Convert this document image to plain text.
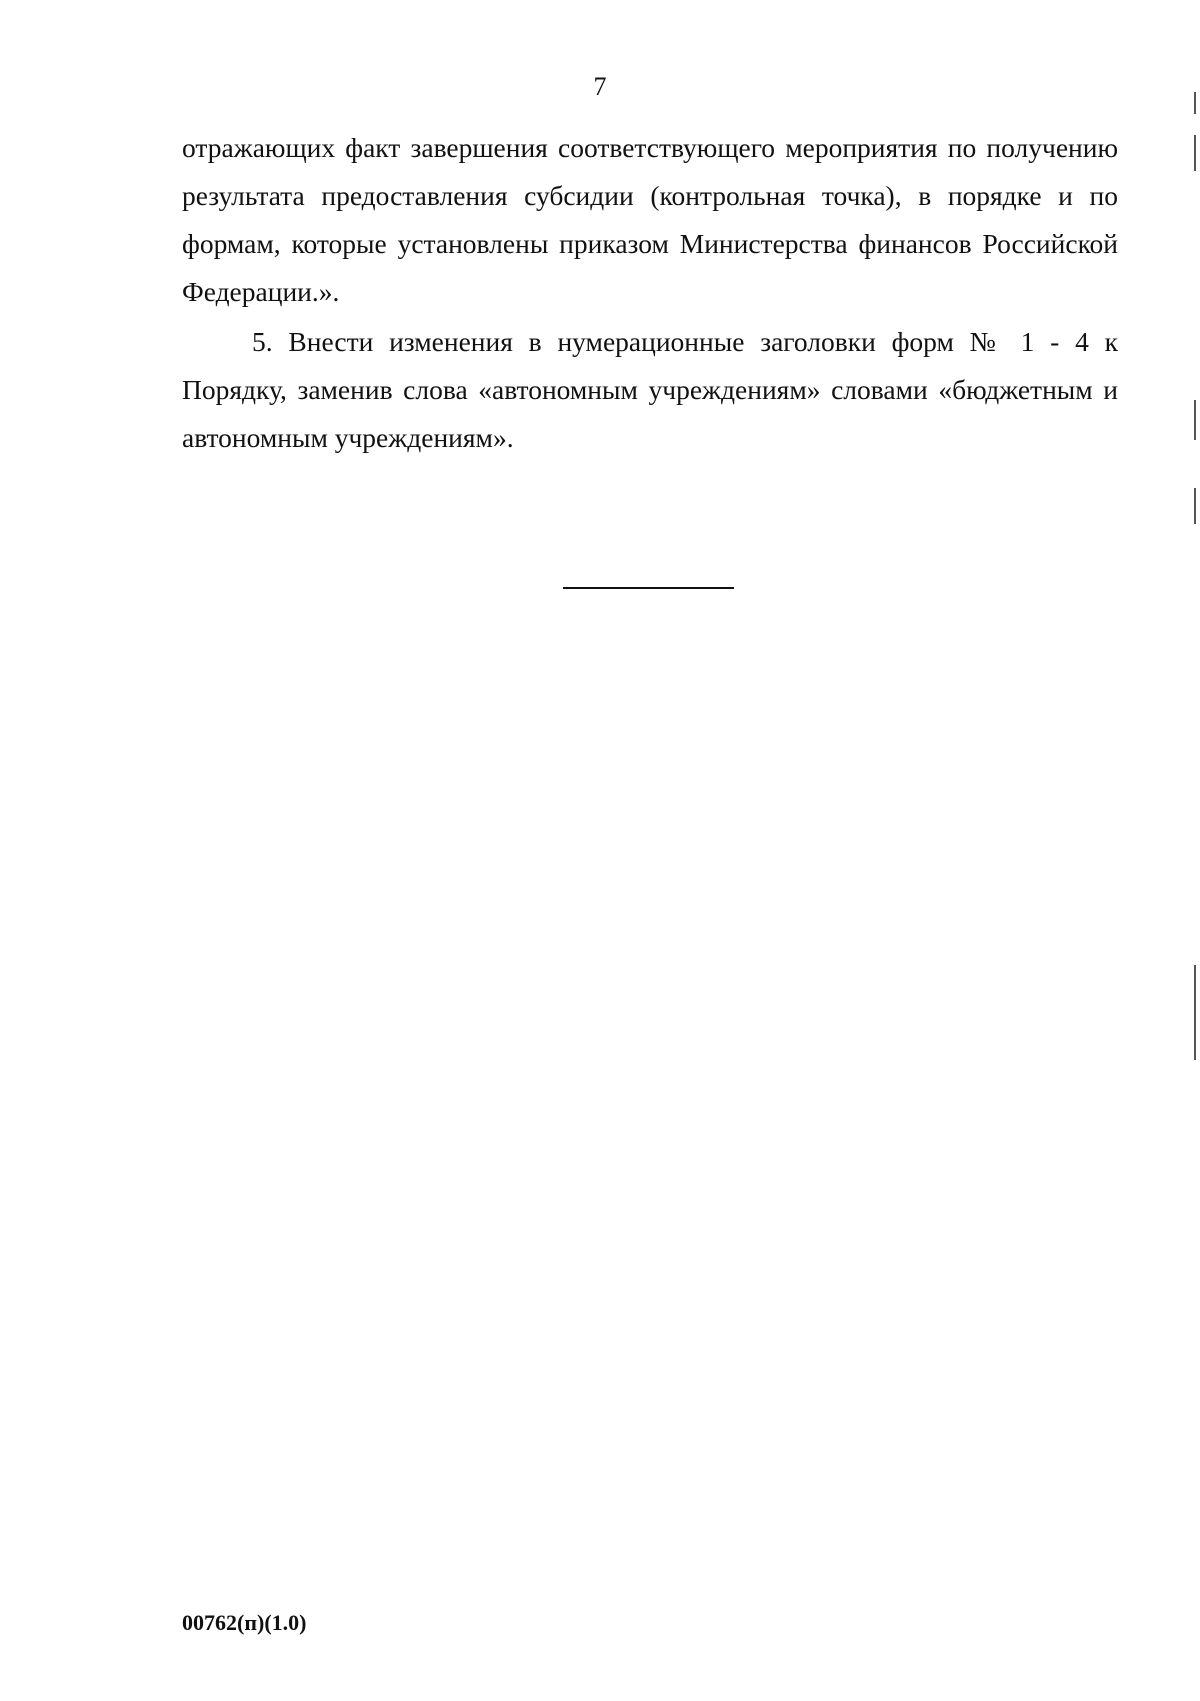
7

отражающих факт завершения соответствующего мероприятия по получению результата предоставления субсидии (контрольная точка), в порядке и по формам, которые установлены приказом Министерства финансов Российской Федерации.».

5. Внести изменения в нумерационные заголовки форм № 1 - 4 к Порядку, заменив слова «автономным учреждениям» словами «бюджетным и автономным учреждениям».

00762(п)(1.0)
